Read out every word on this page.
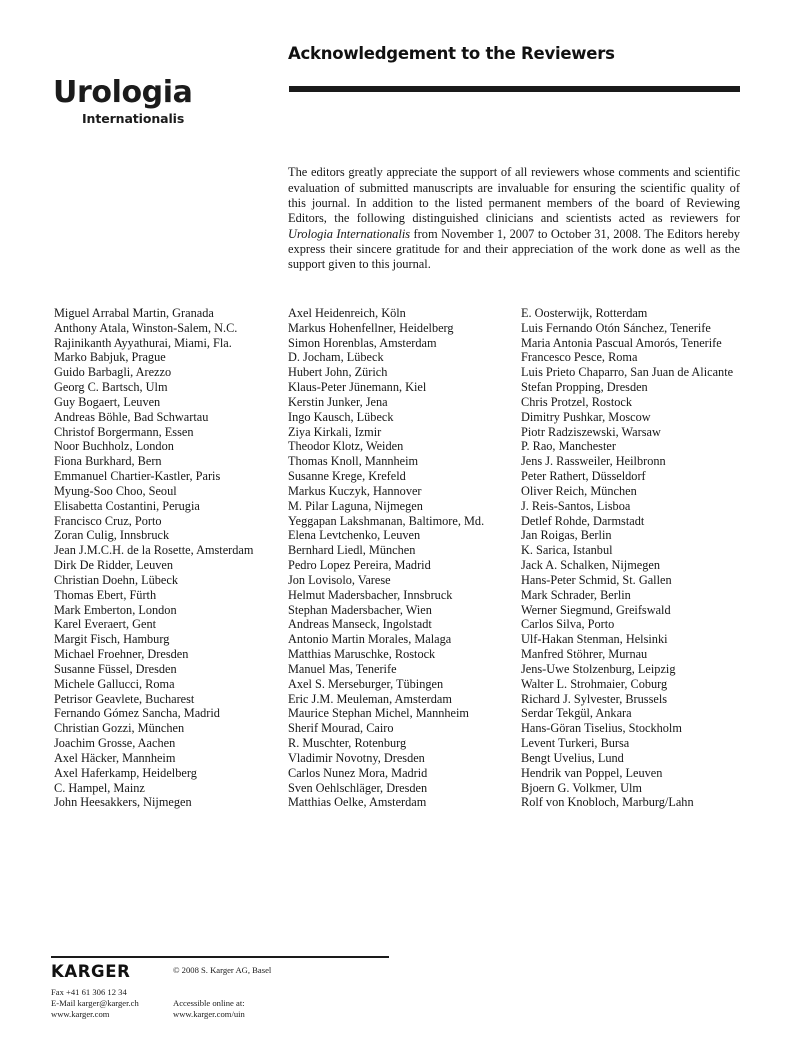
Urologia
Internationalis
Acknowledgement to the Reviewers

The editors greatly appreciate the support of all reviewers whose comments and scientific evaluation of submitted manuscripts are invaluable for ensuring the scientific quality of this journal. In addition to the listed permanent members of the board of Reviewing Editors, the following distinguished clinicians and scientists acted as reviewers for Urologia Internationalis from November 1, 2007 to October 31, 2008. The Editors hereby express their sincere gratitude for and their appreciation of the work done as well as the support given to this journal.

Miguel Arrabal Martin, Granada
Anthony Atala, Winston-Salem, N.C.
Rajinikanth Ayyathurai, Miami, Fla.
Marko Babjuk, Prague
Guido Barbagli, Arezzo
Georg C. Bartsch, Ulm
Guy Bogaert, Leuven
Andreas Böhle, Bad Schwartau
Christof Borgermann, Essen
Noor Buchholz, London
Fiona Burkhard, Bern
Emmanuel Chartier-Kastler, Paris
Myung-Soo Choo, Seoul
Elisabetta Costantini, Perugia
Francisco Cruz, Porto
Zoran Culig, Innsbruck
Jean J.M.C.H. de la Rosette, Amsterdam
Dirk De Ridder, Leuven
Christian Doehn, Lübeck
Thomas Ebert, Fürth
Mark Emberton, London
Karel Everaert, Gent
Margit Fisch, Hamburg
Michael Froehner, Dresden
Susanne Füssel, Dresden
Michele Gallucci, Roma
Petrisor Geavlete, Bucharest
Fernando Gómez Sancha, Madrid
Christian Gozzi, München
Joachim Grosse, Aachen
Axel Häcker, Mannheim
Axel Haferkamp, Heidelberg
C. Hampel, Mainz
John Heesakkers, Nijmegen
Axel Heidenreich, Köln
Markus Hohenfellner, Heidelberg
Simon Horenblas, Amsterdam
D. Jocham, Lübeck
Hubert John, Zürich
Klaus-Peter Jünemann, Kiel
Kerstin Junker, Jena
Ingo Kausch, Lübeck
Ziya Kirkali, Izmir
Theodor Klotz, Weiden
Thomas Knoll, Mannheim
Susanne Krege, Krefeld
Markus Kuczyk, Hannover
M. Pilar Laguna, Nijmegen
Yeggapan Lakshmanan, Baltimore, Md.
Elena Levtchenko, Leuven
Bernhard Liedl, München
Pedro Lopez Pereira, Madrid
Jon Lovisolo, Varese
Helmut Madersbacher, Innsbruck
Stephan Madersbacher, Wien
Andreas Manseck, Ingolstadt
Antonio Martin Morales, Malaga
Matthias Maruschke, Rostock
Manuel Mas, Tenerife
Axel S. Merseburger, Tübingen
Eric J.M. Meuleman, Amsterdam
Maurice Stephan Michel, Mannheim
Sherif Mourad, Cairo
R. Muschter, Rotenburg
Vladimir Novotny, Dresden
Carlos Nunez Mora, Madrid
Sven Oehlschläger, Dresden
Matthias Oelke, Amsterdam
E. Oosterwijk, Rotterdam
Luis Fernando Otón Sánchez, Tenerife
Maria Antonia Pascual Amorós, Tenerife
Francesco Pesce, Roma
Luis Prieto Chaparro, San Juan de Alicante
Stefan Propping, Dresden
Chris Protzel, Rostock
Dimitry Pushkar, Moscow
Piotr Radziszewski, Warsaw
P. Rao, Manchester
Jens J. Rassweiler, Heilbronn
Peter Rathert, Düsseldorf
Oliver Reich, München
J. Reis-Santos, Lisboa
Detlef Rohde, Darmstadt
Jan Roigas, Berlin
K. Sarica, Istanbul
Jack A. Schalken, Nijmegen
Hans-Peter Schmid, St. Gallen
Mark Schrader, Berlin
Werner Siegmund, Greifswald
Carlos Silva, Porto
Ulf-Hakan Stenman, Helsinki
Manfred Stöhrer, Murnau
Jens-Uwe Stolzenburg, Leipzig
Walter L. Strohmaier, Coburg
Richard J. Sylvester, Brussels
Serdar Tekgül, Ankara
Hans-Göran Tiselius, Stockholm
Levent Turkeri, Bursa
Bengt Uvelius, Lund
Hendrik van Poppel, Leuven
Bjoern G. Volkmer, Ulm
Rolf von Knobloch, Marburg/Lahn
KARGER
Fax +41 61 306 12 34
E-Mail karger@karger.ch
www.karger.com
© 2008 S. Karger AG, Basel
Accessible online at:
www.karger.com/uin
